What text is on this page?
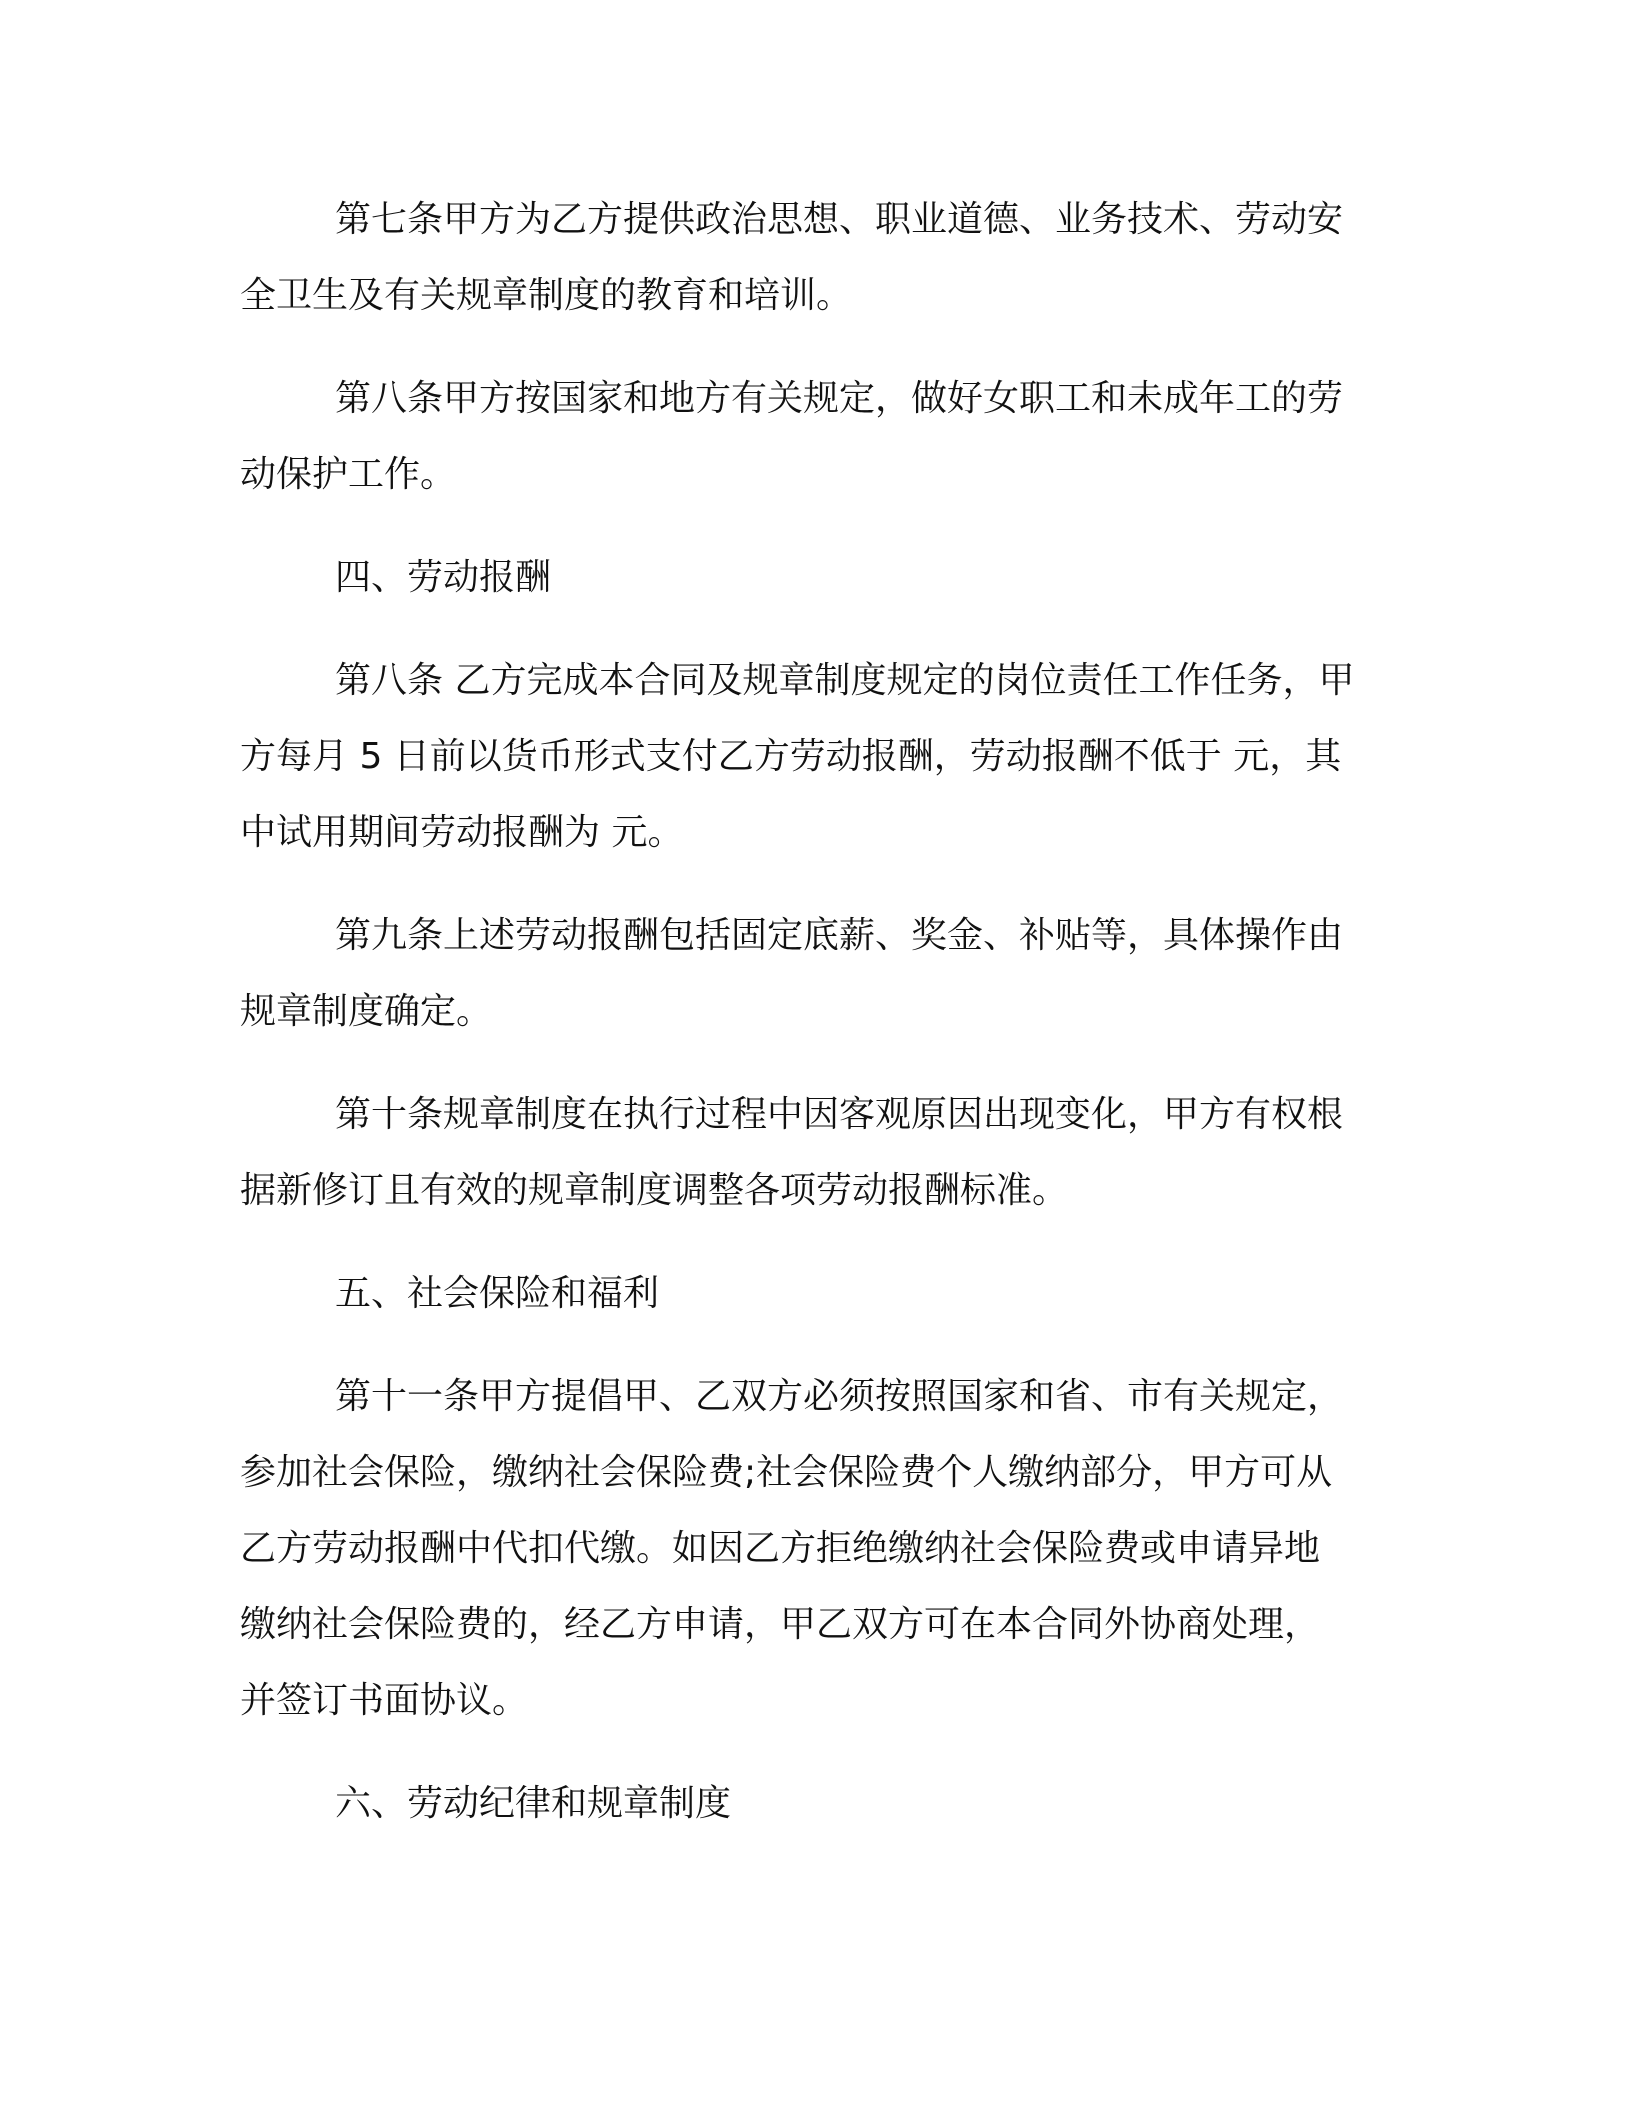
第七条甲方为乙方提供政治思想、职业道德、业务技术、劳动安
全卫生及有关规章制度的教育和培训。
第八条甲方按国家和地方有关规定，做好女职工和未成年工的劳
动保护工作。
四、劳动报酬
第八条 乙方完成本合同及规章制度规定的岗位责任工作任务，甲
方每月 5 日前以货币形式支付乙方劳动报酬，劳动报酬不低于 元，其
中试用期间劳动报酬为 元。
第九条上述劳动报酬包括固定底薪、奖金、补贴等，具体操作由
规章制度确定。
第十条规章制度在执行过程中因客观原因出现变化，甲方有权根
据新修订且有效的规章制度调整各项劳动报酬标准。
五、社会保险和福利
第十一条甲方提倡甲、乙双方必须按照国家和省、市有关规定，
参加社会保险，缴纳社会保险费;社会保险费个人缴纳部分，甲方可从
乙方劳动报酬中代扣代缴。如因乙方拒绝缴纳社会保险费或申请异地
缴纳社会保险费的，经乙方申请，甲乙双方可在本合同外协商处理，
并签订书面协议。
六、劳动纪律和规章制度
